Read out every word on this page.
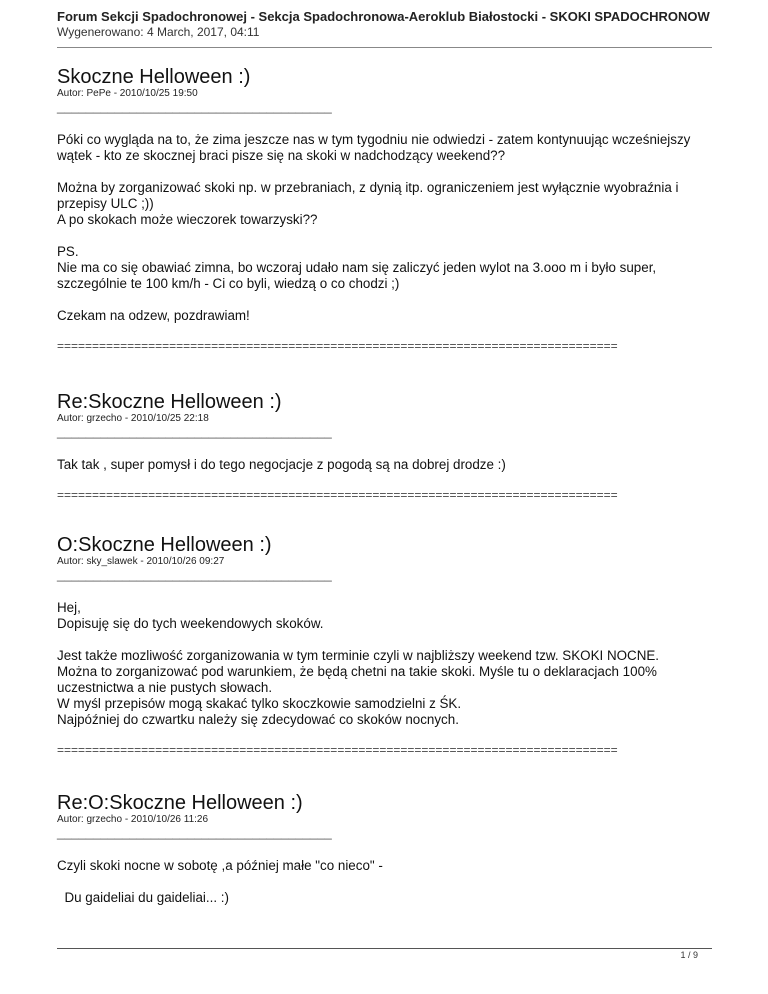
Forum Sekcji Spadochronowej - Sekcja Spadochronowa-Aeroklub Białostocki - SKOKI SPADOCHRONOW
Wygenerowano: 4 March, 2017, 04:11
Skoczne Helloween :)
Autor: PePe - 2010/10/25 19:50
______________________________________

Póki co wygląda na to, że zima jeszcze nas w tym tygodniu nie odwiedzi - zatem kontynuując wcześniejszy wątek - kto ze skocznej braci pisze się na skoki w nadchodzący weekend??

Można by zorganizować skoki np. w przebraniach, z dynią itp. ograniczeniem jest wyłącznie wyobraźnia i przepisy ULC ;))

A po skokach może wieczorek towarzyski??

PS.

Nie ma co się obawiać zimna, bo wczoraj udało nam się zaliczyć jeden wylot na 3.ooo m i było super, szczególnie te 100 km/h - Ci co byli, wiedzą o co chodzi ;)

Czekam na odzew, pozdrawiam!

================================================================================
Re:Skoczne Helloween :)
Autor: grzecho - 2010/10/25 22:18
______________________________________

Tak tak , super pomysł i do tego negocjacje z pogodą są na dobrej drodze :)

================================================================================
O:Skoczne Helloween :)
Autor: sky_slawek - 2010/10/26 09:27
______________________________________

Hej,

Dopisuję się do tych weekendowych skoków.

Jest także mozliwość zorganizowania w tym terminie czyli w najbliższy weekend tzw. SKOKI NOCNE.

Można to zorganizować pod warunkiem, że będą chetni na takie skoki. Myśle tu o deklaracjach 100% uczestnictwa a nie pustych słowach.

W myśl przepisów mogą skakać tylko skoczkowie samodzielni z ŚK.

Najpóźniej do czwartku należy się zdecydować co skoków nocnych.

================================================================================
Re:O:Skoczne Helloween :)
Autor: grzecho - 2010/10/26 11:26
______________________________________

Czyli skoki nocne w sobotę ,a później małe "co nieco" -

Du gaideliai du gaideliai... :)

1 / 9
